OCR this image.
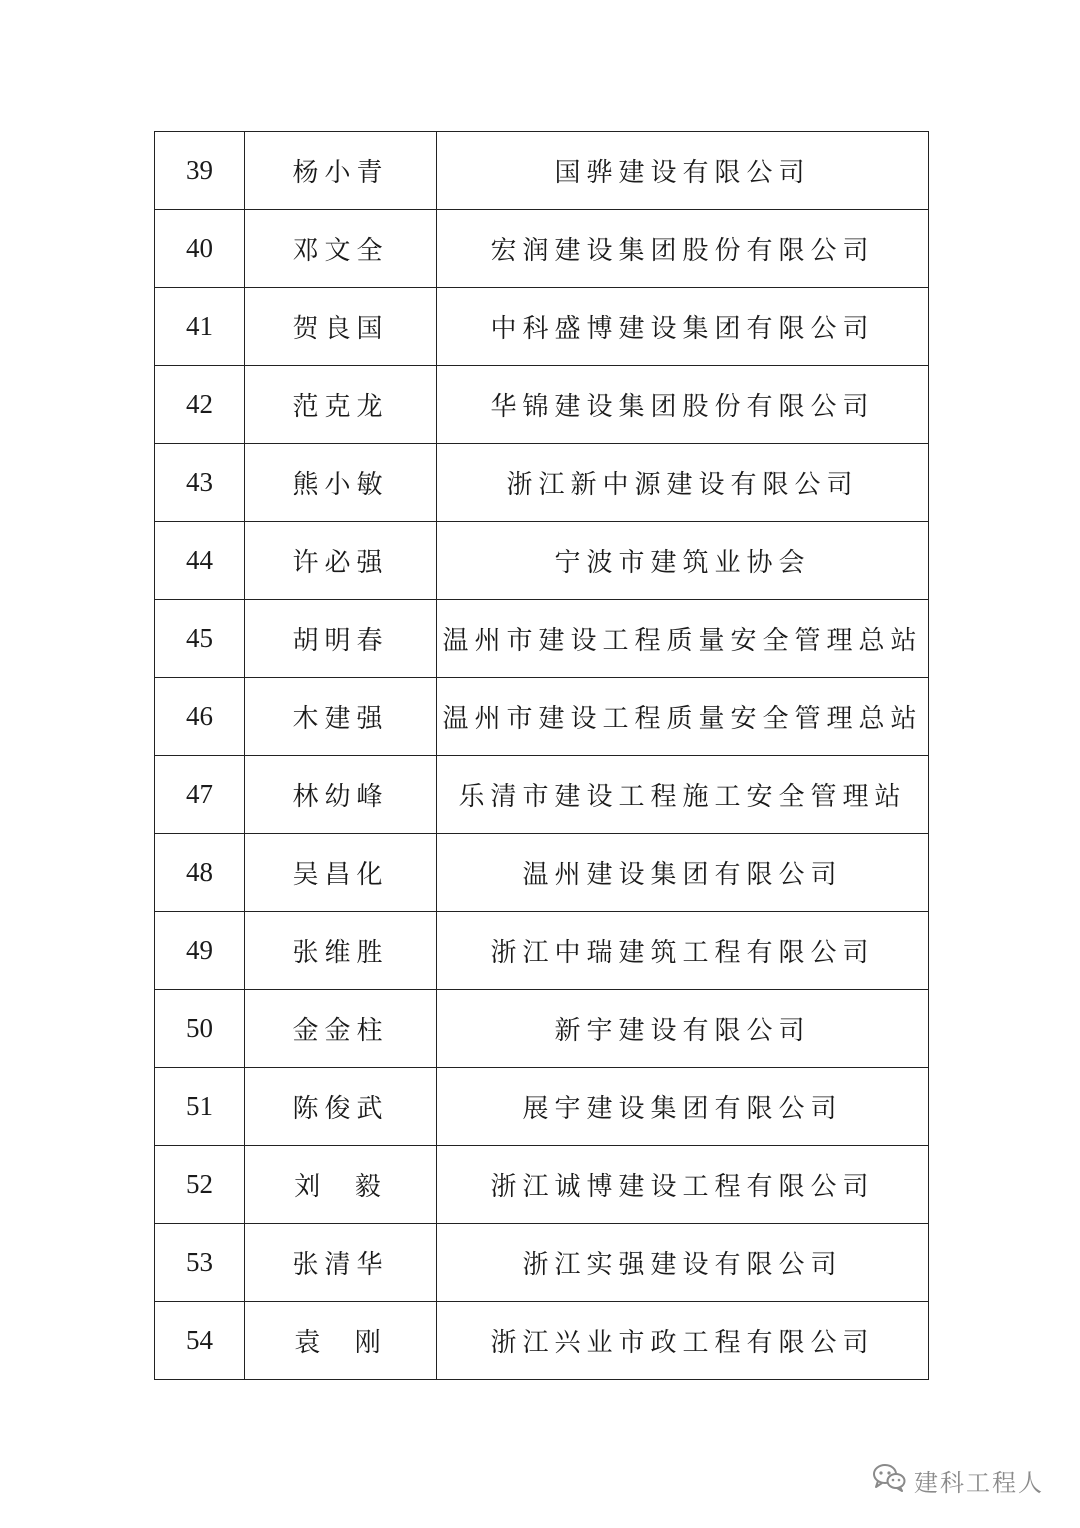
39	杨小青	国骅建设有限公司
40	邓文全	宏润建设集团股份有限公司
41	贺良国	中科盛博建设集团有限公司
42	范克龙	华锦建设集团股份有限公司
43	熊小敏	浙江新中源建设有限公司
44	许必强	宁波市建筑业协会
45	胡明春	温州市建设工程质量安全管理总站
46	木建强	温州市建设工程质量安全管理总站
47	林幼峰	乐清市建设工程施工安全管理站
48	吴昌化	温州建设集团有限公司
49	张维胜	浙江中瑞建筑工程有限公司
50	金金柱	新宇建设有限公司
51	陈俊武	展宇建设集团有限公司
52	刘  毅	浙江诚博建设工程有限公司
53	张清华	浙江实强建设有限公司
54	袁  刚	浙江兴业市政工程有限公司
建科工程人
